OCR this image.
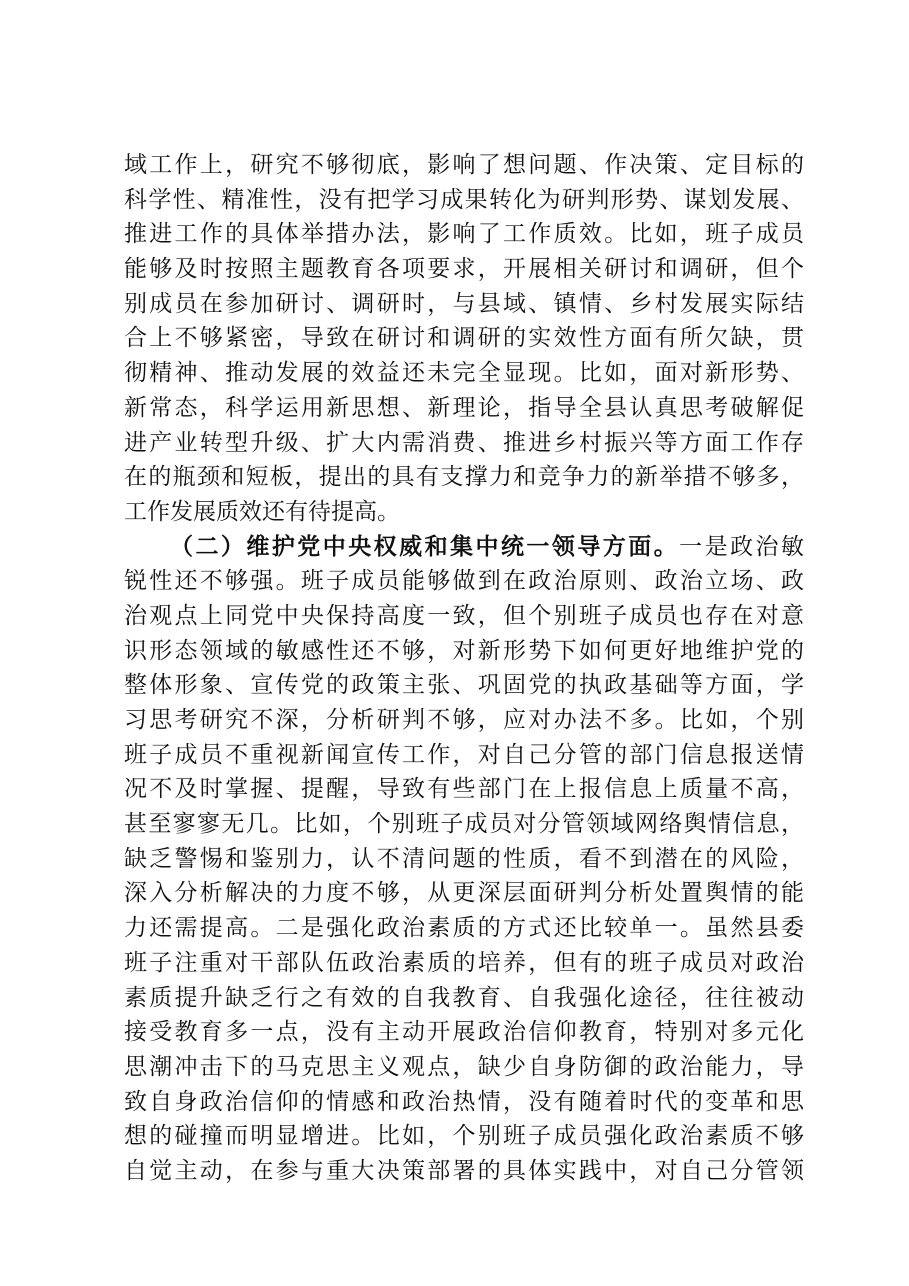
域工作上，研究不够彻底，影响了想问题、作决策、定目标的
科学性、精准性，没有把学习成果转化为研判形势、谋划发展、
推进工作的具体举措办法，影响了工作质效。比如，班子成员
能够及时按照主题教育各项要求，开展相关研讨和调研，但个
别成员在参加研讨、调研时，与县域、镇情、乡村发展实际结
合上不够紧密，导致在研讨和调研的实效性方面有所欠缺，贯
彻精神、推动发展的效益还未完全显现。比如，面对新形势、
新常态，科学运用新思想、新理论，指导全县认真思考破解促
进产业转型升级、扩大内需消费、推进乡村振兴等方面工作存
在的瓶颈和短板，提出的具有支撑力和竞争力的新举措不够多，
工作发展质效还有待提高。
（二）维护党中央权威和集中统一领导方面。一是政治敏
锐性还不够强。班子成员能够做到在政治原则、政治立场、政
治观点上同党中央保持高度一致，但个别班子成员也存在对意
识形态领域的敏感性还不够，对新形势下如何更好地维护党的
整体形象、宣传党的政策主张、巩固党的执政基础等方面，学
习思考研究不深，分析研判不够，应对办法不多。比如，个别
班子成员不重视新闻宣传工作，对自己分管的部门信息报送情
况不及时掌握、提醒，导致有些部门在上报信息上质量不高，
甚至寥寥无几。比如，个别班子成员对分管领域网络舆情信息，
缺乏警惕和鉴别力，认不清问题的性质，看不到潜在的风险，
深入分析解决的力度不够，从更深层面研判分析处置舆情的能
力还需提高。二是强化政治素质的方式还比较单一。虽然县委
班子注重对干部队伍政治素质的培养，但有的班子成员对政治
素质提升缺乏行之有效的自我教育、自我强化途径，往往被动
接受教育多一点，没有主动开展政治信仰教育，特别对多元化
思潮冲击下的马克思主义观点，缺少自身防御的政治能力，导
致自身政治信仰的情感和政治热情，没有随着时代的变革和思
想的碰撞而明显增进。比如，个别班子成员强化政治素质不够
自觉主动，在参与重大决策部署的具体实践中，对自己分管领
